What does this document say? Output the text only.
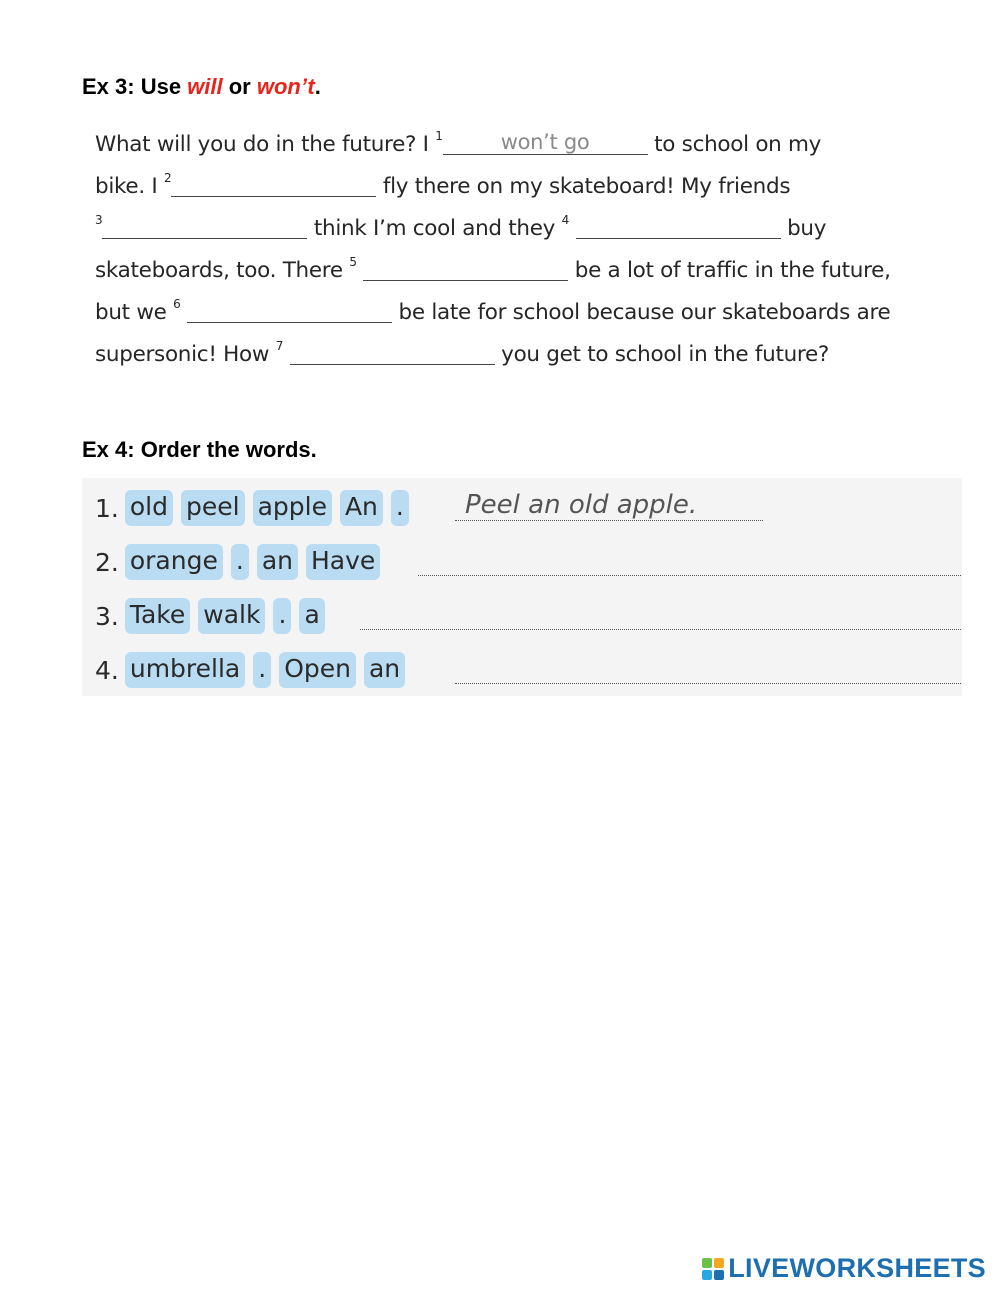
Ex 3: Use will or won’t.
What will you do in the future? I $^1$	won’t go	to school on my
bike. I $^2$	fly there on my skateboard! My friends
$^3$	think I’m cool and they $^4$	buy
skateboards, too. There $^5$	be a lot of traffic in the future,
but we $^6$	be late for school because our skateboards are
supersonic! How $^7$	you get to school in the future?
Ex 4: Order the words.
1. old peel apple An . Peel an old apple.
2. orange . an Have
3. Take walk . a
4. umbrella . Open an
LIVEWORKSHEETS
